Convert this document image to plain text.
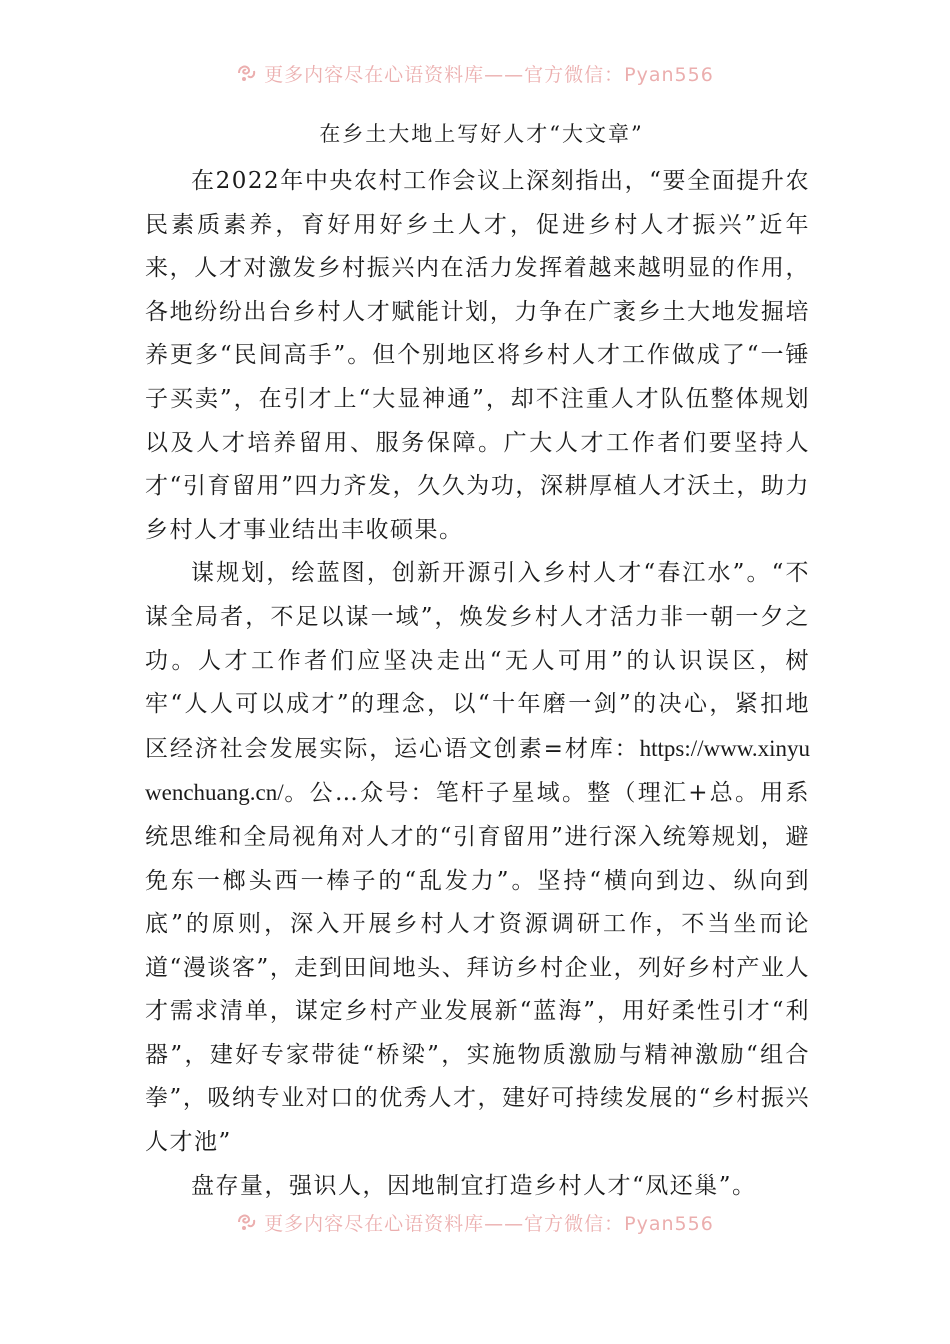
更多内容尽在心语资料库——官方微信：Pyan556
在乡土大地上写好人才“大文章”

在2022年中央农村工作会议上深刻指出，“要全面提升农民素质素养，育好用好乡土人才，促进乡村人才振兴”近年来，人才对激发乡村振兴内在活力发挥着越来越明显的作用，各地纷纷出台乡村人才赋能计划，力争在广袤乡土大地发掘培养更多“民间高手”。但个别地区将乡村人才工作做成了“一锤子买卖”，在引才上“大显神通”，却不注重人才队伍整体规划以及人才培养留用、服务保障。广大人才工作者们要坚持人才“引育留用”四力齐发，久久为功，深耕厚植人才沃土，助力乡村人才事业结出丰收硕果。

谋规划，绘蓝图，创新开源引入乡村人才“春江水”。“不谋全局者，不足以谋一域”，焕发乡村人才活力非一朝一夕之功。人才工作者们应坚决走出“无人可用”的认识误区，树牢“人人可以成才”的理念，以“十年磨一剑”的决心，紧扣地区经济社会发展实际，运心语文创素=材库：https://www.xinyuwenchuang.cn/。公…众号：笔杆子星域。整（理汇+总。用系统思维和全局视角对人才的“引育留用”进行深入统筹规划，避免东一榔头西一棒子的“乱发力”。坚持“横向到边、纵向到底”的原则，深入开展乡村人才资源调研工作，不当坐而论道“漫谈客”，走到田间地头、拜访乡村企业，列好乡村产业人才需求清单，谋定乡村产业发展新“蓝海”，用好柔性引才“利器”，建好专家带徒“桥梁”，实施物质激励与精神激励“组合拳”，吸纳专业对口的优秀人才，建好可持续发展的“乡村振兴人才池”

盘存量，强识人，因地制宜打造乡村人才“凤还巢”。

更多内容尽在心语资料库——官方微信：Pyan556
